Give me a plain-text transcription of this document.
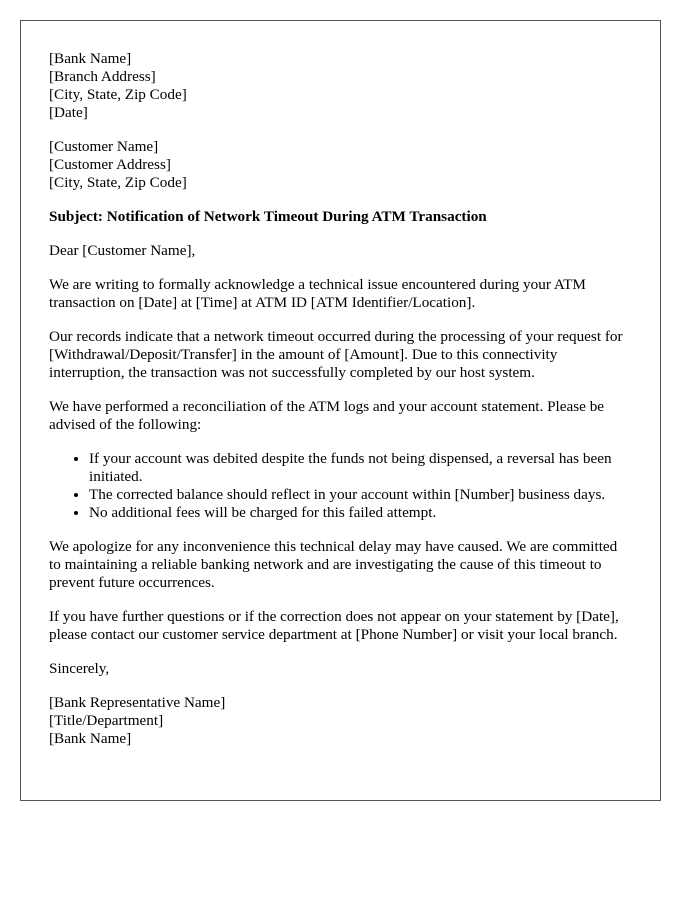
[Bank Name]
[Branch Address]
[City, State, Zip Code]
[Date]
[Customer Name]
[Customer Address]
[City, State, Zip Code]

Subject: Notification of Network Timeout During ATM Transaction

Dear [Customer Name],

We are writing to formally acknowledge a technical issue encountered during your ATM transaction on [Date] at [Time] at ATM ID [ATM Identifier/Location].

Our records indicate that a network timeout occurred during the processing of your request for [Withdrawal/Deposit/Transfer] in the amount of [Amount]. Due to this connectivity interruption, the transaction was not successfully completed by our host system.

We have performed a reconciliation of the ATM logs and your account statement. Please be advised of the following:

• If your account was debited despite the funds not being dispensed, a reversal has been initiated.
• The corrected balance should reflect in your account within [Number] business days.
• No additional fees will be charged for this failed attempt.

We apologize for any inconvenience this technical delay may have caused. We are committed to maintaining a reliable banking network and are investigating the cause of this timeout to prevent future occurrences.

If you have further questions or if the correction does not appear on your statement by [Date], please contact our customer service department at [Phone Number] or visit your local branch.

Sincerely,

[Bank Representative Name]
[Title/Department]
[Bank Name]
